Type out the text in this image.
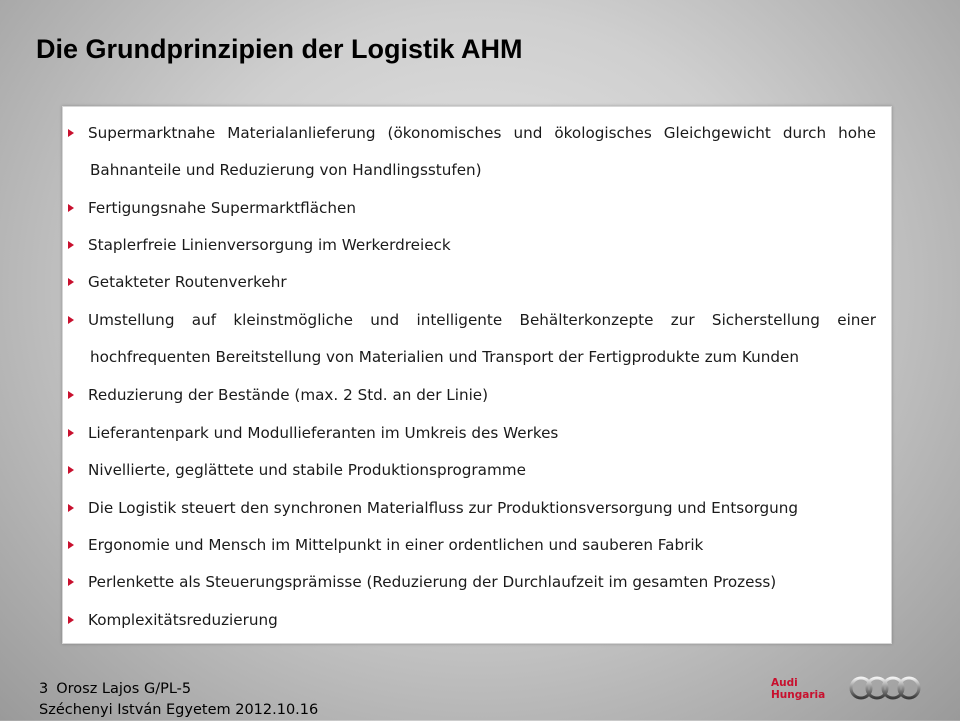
Die Grundprinzipien der Logistik AHM
Supermarktnahe Materialanlieferung (ökonomisches und ökologisches Gleichgewicht durch hohe
Bahnanteile und Reduzierung von Handlingsstufen)
Fertigungsnahe Supermarktflächen
Staplerfreie Linienversorgung im Werkerdreieck
Getakteter Routenverkehr
Umstellung auf kleinstmögliche und intelligente Behälterkonzepte zur Sicherstellung einer
hochfrequenten Bereitstellung von Materialien und Transport der Fertigprodukte zum Kunden
Reduzierung der Bestände (max. 2 Std. an der Linie)
Lieferantenpark und Modullieferanten im Umkreis des Werkes
Nivellierte, geglättete und stabile Produktionsprogramme
Die Logistik steuert den synchronen Materialfluss zur Produktionsversorgung und Entsorgung
Ergonomie und Mensch im Mittelpunkt in einer ordentlichen und sauberen Fabrik
Perlenkette als Steuerungsprämisse (Reduzierung der Durchlaufzeit im gesamten Prozess)
Komplexitätsreduzierung
3 Orosz Lajos G/PL-5
Széchenyi István Egyetem 2012.10.16
Audi
Hungaria
